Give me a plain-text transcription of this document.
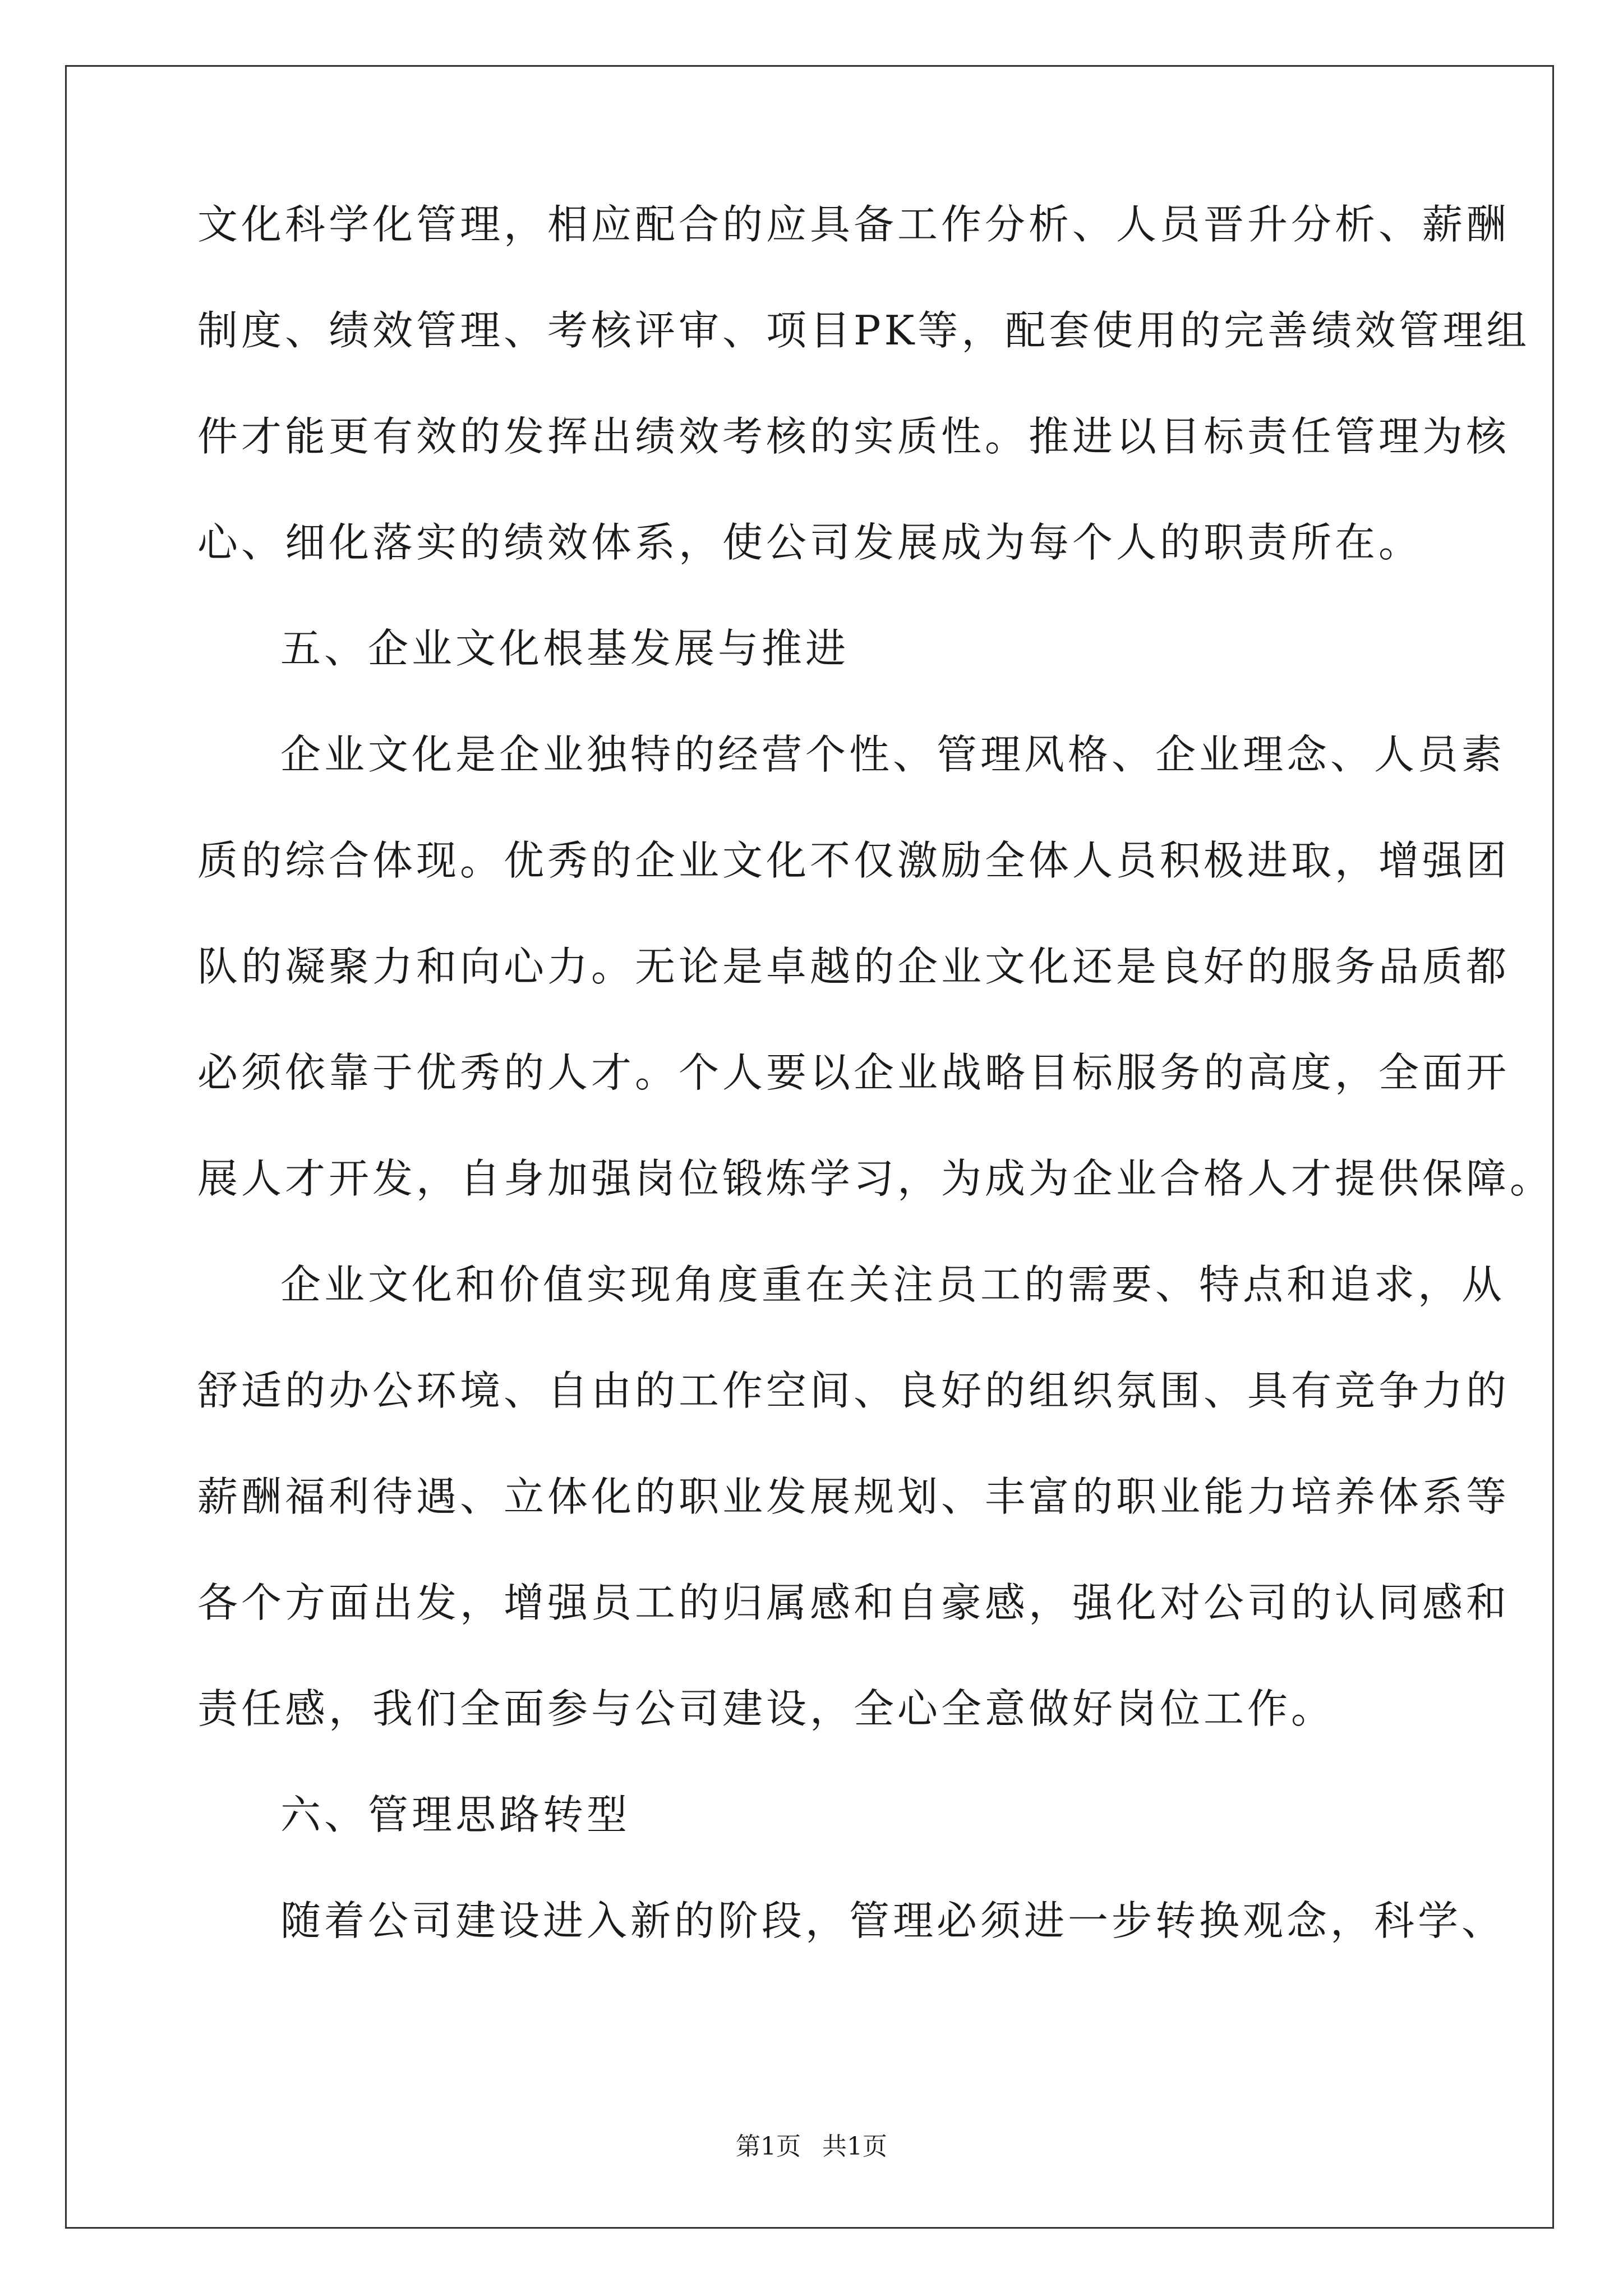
文化科学化管理，相应配合的应具备工作分析、人员晋升分析、薪酬
制度、绩效管理、考核评审、项目PK等，配套使用的完善绩效管理组
件才能更有效的发挥出绩效考核的实质性。推进以目标责任管理为核
心、细化落实的绩效体系，使公司发展成为每个人的职责所在。
五、企业文化根基发展与推进
企业文化是企业独特的经营个性、管理风格、企业理念、人员素
质的综合体现。优秀的企业文化不仅激励全体人员积极进取，增强团
队的凝聚力和向心力。无论是卓越的企业文化还是良好的服务品质都
必须依靠于优秀的人才。个人要以企业战略目标服务的高度，全面开
展人才开发，自身加强岗位锻炼学习，为成为企业合格人才提供保障。
企业文化和价值实现角度重在关注员工的需要、特点和追求，从
舒适的办公环境、自由的工作空间、良好的组织氛围、具有竞争力的
薪酬福利待遇、立体化的职业发展规划、丰富的职业能力培养体系等
各个方面出发，增强员工的归属感和自豪感，强化对公司的认同感和
责任感，我们全面参与公司建设，全心全意做好岗位工作。
六、管理思路转型
随着公司建设进入新的阶段，管理必须进一步转换观念，科学、
第1页 共1页
